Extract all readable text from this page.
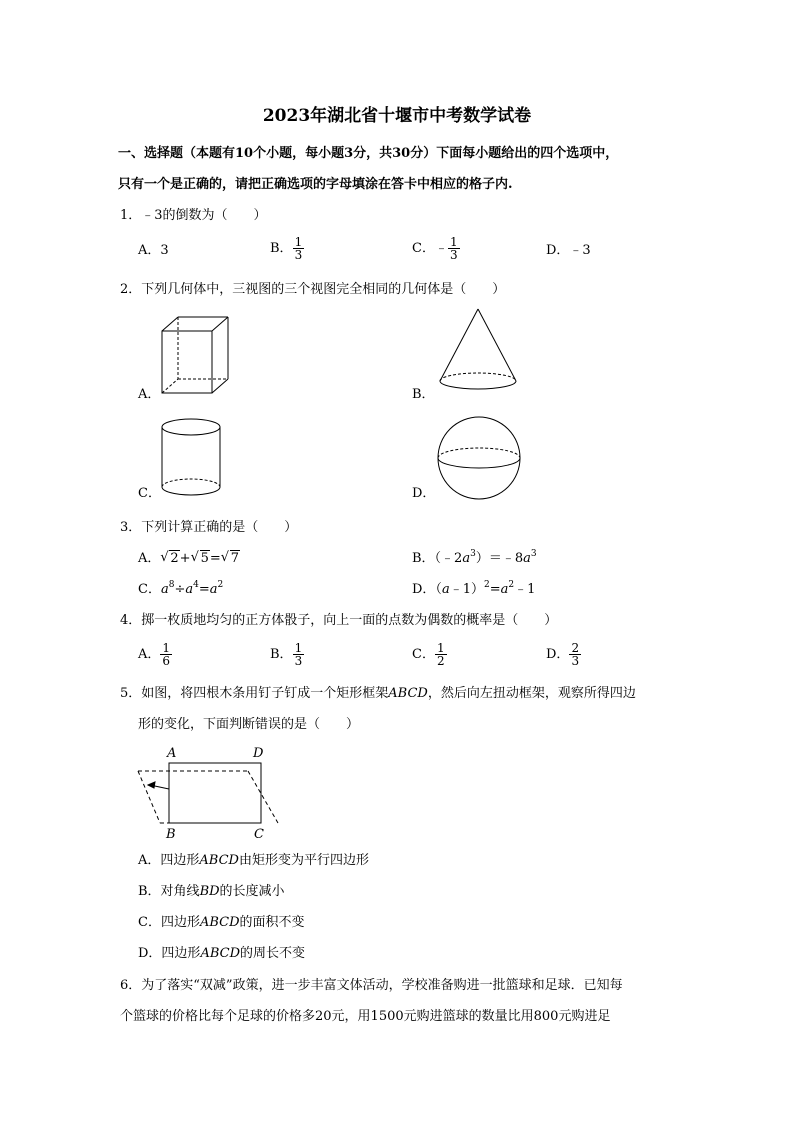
2023年湖北省十堰市中考数学试卷
一、选择题（本题有10个小题，每小题3分，共30分）下面每小题给出的四个选项中，
只有一个是正确的，请把正确选项的字母填涂在答卡中相应的格子内.
1．﹣3的倒数为（　　）
A．3	B． $\frac{1}{3}$	C．﹣ $\frac{1}{3}$	D．﹣3
2．下列几何体中，三视图的三个视图完全相同的几何体是（　　）
A．	B．
C．	D．
3．下列计算正确的是（　　）
A． √ 2+ √ 5= √ 7	B．$(﹣2a^3)=﹣8a^3$
C．$a^8\div a^4=a^2$	D．$(a﹣1)^2=a^2﹣1$
4．掷一枚质地均匀的正方体骰子，向上一面的点数为偶数的概率是（　　）
A． $\frac{1}{6}$	B． $\frac{1}{3}$	C． $\frac{1}{2}$	D． $\frac{2}{3}$
5．如图，将四根木条用钉子钉成一个矩形框架ABCD，然后向左扭动框架，观察所得四边
形的变化，下面判断错误的是（　　）
A	D
B	C
A．四边形ABCD由矩形变为平行四边形
B．对角线BD的长度减小
C．四边形ABCD的面积不变
D．四边形ABCD的周长不变
6．为了落实“双减”政策，进一步丰富文体活动，学校准备购进一批篮球和足球．已知每
个篮球的价格比每个足球的价格多20元，用1500元购进篮球的数量比用800元购进足
